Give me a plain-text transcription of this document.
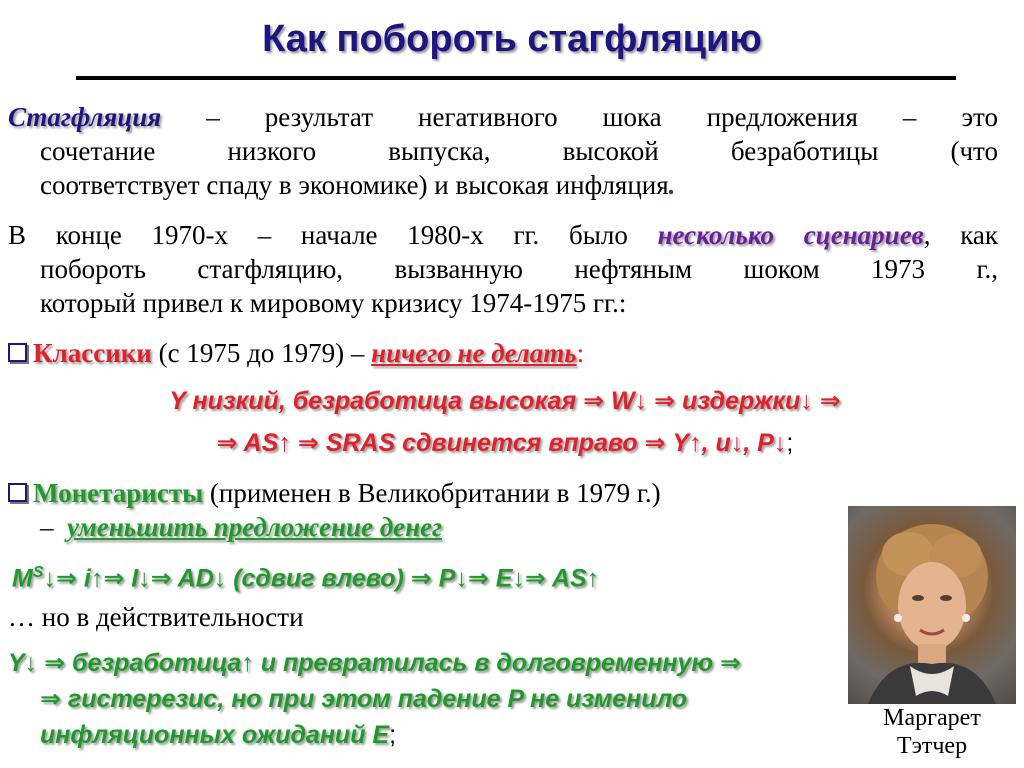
Как побороть стагфляцию
Стагфляция – результат негативного шока предложения – это
сочетание низкого выпуска, высокой безработицы (что
соответствует спаду в экономике) и высокая инфляция.
В конце 1970-х – начале 1980-х гг. было несколько сценариев, как
побороть стагфляцию, вызванную нефтяным шоком 1973 г.,
который привел к мировому кризису 1974-1975 гг.:
Классики (с 1975 до 1979) – ничего не делать:
Y низкий, безработица высокая ⇒ W↓ ⇒ издержки↓ ⇒
⇒ AS↑ ⇒ SRAS сдвинется вправо ⇒ Y↑, u↓, P↓;
Монетаристы (применен в Великобритании в 1979 г.)
– уменьшить предложение денег
$M^S↓\Rightarrow$ i↑⇒ I↓⇒ AD↓ (сдвиг влево) ⇒ P↓⇒ E↓⇒ AS↑
… но в действительности
Y↓ ⇒ безработица↑ и превратилась в долговременную ⇒
⇒ гистерезис, но при этом падение P не изменило
инфляционных ожиданий E;
Маргарет
Тэтчер
